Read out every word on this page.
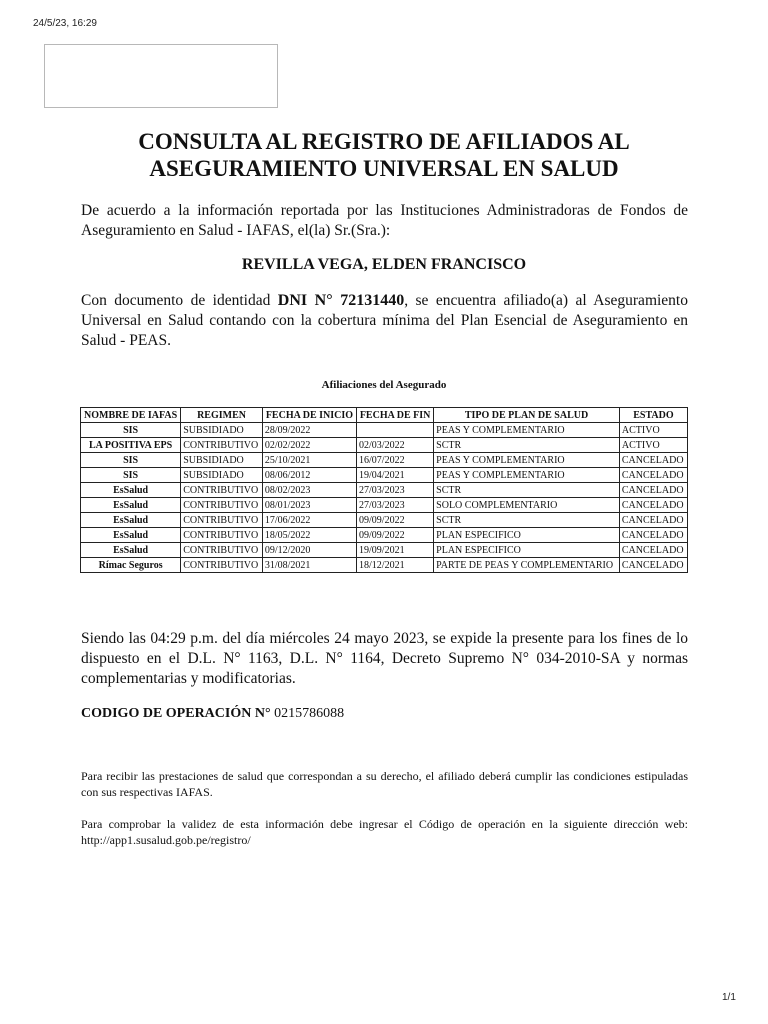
24/5/23, 16:29
CONSULTA AL REGISTRO DE AFILIADOS AL
ASEGURAMIENTO UNIVERSAL EN SALUD

De acuerdo a la información reportada por las Instituciones Administradoras de Fondos de Aseguramiento en Salud - IAFAS, el(la) Sr.(Sra.):

REVILLA VEGA, ELDEN FRANCISCO

Con documento de identidad DNI N° 72131440, se encuentra afiliado(a) al Aseguramiento Universal en Salud contando con la cobertura mínima del Plan Esencial de Aseguramiento en Salud - PEAS.

Afiliaciones del Asegurado
NOMBRE DE IAFAS	REGIMEN	FECHA DE INICIO	FECHA DE FIN	TIPO DE PLAN DE SALUD	ESTADO
SIS	SUBSIDIADO	28/09/2022		PEAS Y COMPLEMENTARIO	ACTIVO
LA POSITIVA EPS	CONTRIBUTIVO	02/02/2022	02/03/2022	SCTR	ACTIVO
SIS	SUBSIDIADO	25/10/2021	16/07/2022	PEAS Y COMPLEMENTARIO	CANCELADO
SIS	SUBSIDIADO	08/06/2012	19/04/2021	PEAS Y COMPLEMENTARIO	CANCELADO
EsSalud	CONTRIBUTIVO	08/02/2023	27/03/2023	SCTR	CANCELADO
EsSalud	CONTRIBUTIVO	08/01/2023	27/03/2023	SOLO COMPLEMENTARIO	CANCELADO
EsSalud	CONTRIBUTIVO	17/06/2022	09/09/2022	SCTR	CANCELADO
EsSalud	CONTRIBUTIVO	18/05/2022	09/09/2022	PLAN ESPECIFICO	CANCELADO
EsSalud	CONTRIBUTIVO	09/12/2020	19/09/2021	PLAN ESPECIFICO	CANCELADO
Rímac Seguros	CONTRIBUTIVO	31/08/2021	18/12/2021	PARTE DE PEAS Y COMPLEMENTARIO	CANCELADO

Siendo las 04:29 p.m. del día miércoles 24 mayo 2023, se expide la presente para los fines de lo dispuesto en el D.L. N° 1163, D.L. N° 1164, Decreto Supremo N° 034-2010-SA y normas complementarias y modificatorias.

CODIGO DE OPERACIÓN N° 0215786088

Para recibir las prestaciones de salud que correspondan a su derecho, el afiliado deberá cumplir las condiciones estipuladas con sus respectivas IAFAS.

Para comprobar la validez de esta información debe ingresar el Código de operación en la siguiente dirección web: http://app1.susalud.gob.pe/registro/

1/1
